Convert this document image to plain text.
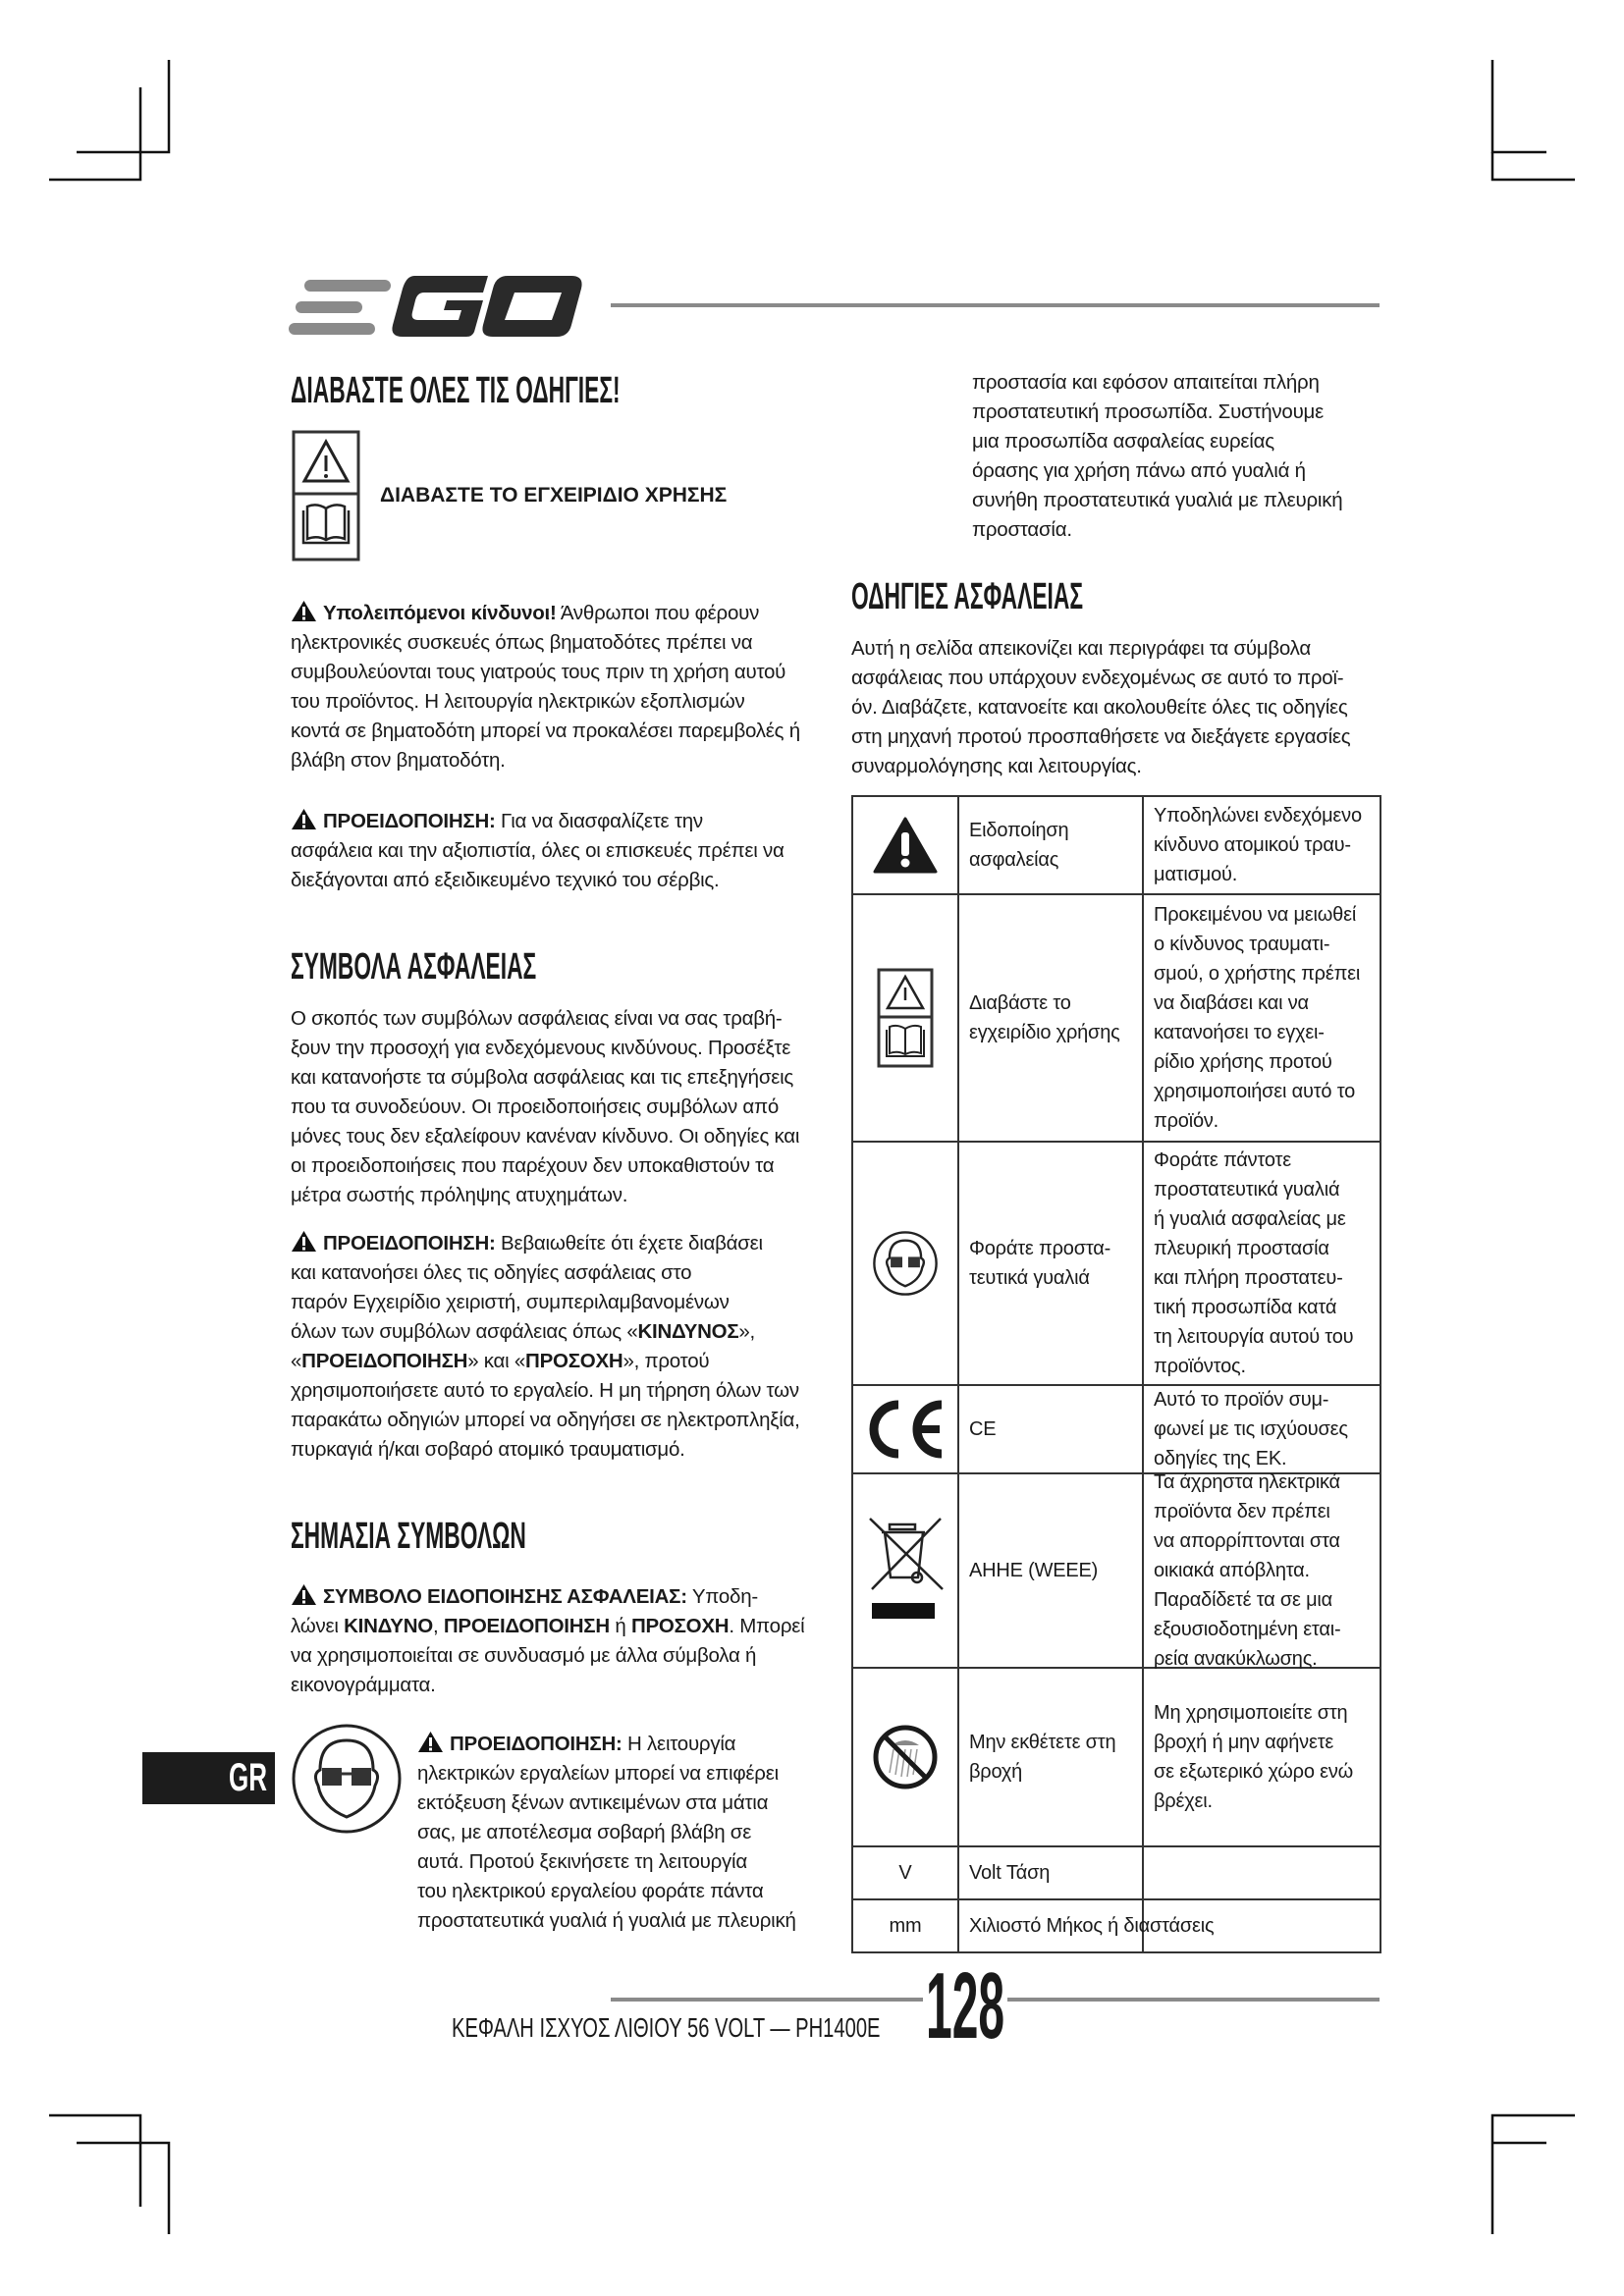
ΔΙΑΒΑΣΤΕ ΟΛΕΣ ΤΙΣ ΟΔΗΓΙΕΣ!
ΔΙΑΒΑΣΤΕ ΤΟ ΕΓΧΕΙΡΙΔΙΟ ΧΡΗΣΗΣ
Υπολειπόμενοι κίνδυνοι! Άνθρωποι που φέρουν
ηλεκτρονικές συσκευές όπως βηματοδότες πρέπει να
συμβουλεύονται τους γιατρούς τους πριν τη χρήση αυτού
του προϊόντος. Η λειτουργία ηλεκτρικών εξοπλισμών
κοντά σε βηματοδότη μπορεί να προκαλέσει παρεμβολές ή
βλάβη στον βηματοδότη.
ΠΡΟΕΙΔΟΠΟΙΗΣΗ: Για να διασφαλίζετε την
ασφάλεια και την αξιοπιστία, όλες οι επισκευές πρέπει να
διεξάγονται από εξειδικευμένο τεχνικό του σέρβις.
ΣΥΜΒΟΛΑ ΑΣΦΑΛΕΙΑΣ
Ο σκοπός των συμβόλων ασφάλειας είναι να σας τραβή-
ξουν την προσοχή για ενδεχόμενους κινδύνους. Προσέξτε
και κατανοήστε τα σύμβολα ασφάλειας και τις επεξηγήσεις
που τα συνοδεύουν. Οι προειδοποιήσεις συμβόλων από
μόνες τους δεν εξαλείφουν κανέναν κίνδυνο. Οι οδηγίες και
οι προειδοποιήσεις που παρέχουν δεν υποκαθιστούν τα
μέτρα σωστής πρόληψης ατυχημάτων.
ΠΡΟΕΙΔΟΠΟΙΗΣΗ: Βεβαιωθείτε ότι έχετε διαβάσει
και κατανοήσει όλες τις οδηγίες ασφάλειας στο
παρόν Εγχειρίδιο χειριστή, συμπεριλαμβανομένων
όλων των συμβόλων ασφάλειας όπως «ΚΙΝΔΥΝΟΣ»,
«ΠΡΟΕΙΔΟΠΟΙΗΣΗ» και «ΠΡΟΣΟΧΗ», προτού
χρησιμοποιήσετε αυτό το εργαλείο. Η μη τήρηση όλων των
παρακάτω οδηγιών μπορεί να οδηγήσει σε ηλεκτροπληξία,
πυρκαγιά ή/και σοβαρό ατομικό τραυματισμό.
ΣΗΜΑΣΙΑ ΣΥΜΒΟΛΩΝ
ΣΥΜΒΟΛΟ ΕΙΔΟΠΟΙΗΣΗΣ ΑΣΦΑΛΕΙΑΣ: Υποδη-
λώνει ΚΙΝΔΥΝΟ, ΠΡΟΕΙΔΟΠΟΙΗΣΗ ή ΠΡΟΣΟΧΗ. Μπορεί
να χρησιμοποιείται σε συνδυασμό με άλλα σύμβολα ή
εικονογράμματα.
ΠΡΟΕΙΔΟΠΟΙΗΣΗ: Η λειτουργία
ηλεκτρικών εργαλείων μπορεί να επιφέρει
εκτόξευση ξένων αντικειμένων στα μάτια
σας, με αποτέλεσμα σοβαρή βλάβη σε
αυτά. Προτού ξεκινήσετε τη λειτουργία
του ηλεκτρικού εργαλείου φοράτε πάντα
προστατευτικά γυαλιά ή γυαλιά με πλευρική
GR
προστασία και εφόσον απαιτείται πλήρη
προστατευτική προσωπίδα. Συστήνουμε
μια προσωπίδα ασφαλείας ευρείας
όρασης για χρήση πάνω από γυαλιά ή
συνήθη προστατευτικά γυαλιά με πλευρική
προστασία.
ΟΔΗΓΙΕΣ ΑΣΦΑΛΕΙΑΣ
Αυτή η σελίδα απεικονίζει και περιγράφει τα σύμβολα
ασφάλειας που υπάρχουν ενδεχομένως σε αυτό το προϊ-
όν. Διαβάζετε, κατανοείτε και ακολουθείτε όλες τις οδηγίες
στη μηχανή προτού προσπαθήσετε να διεξάγετε εργασίες
συναρμολόγησης και λειτουργίας.
Ειδοποίηση
ασφαλείας
Υποδηλώνει ενδεχόμενο
κίνδυνο ατομικού τραυ-
ματισμού.
Διαβάστε το
εγχειρίδιο χρήσης
Προκειμένου να μειωθεί
ο κίνδυνος τραυματι-
σμού, ο χρήστης πρέπει
να διαβάσει και να
κατανοήσει το εγχει-
ρίδιο χρήσης προτού
χρησιμοποιήσει αυτό το
προϊόν.
Φοράτε προστα-
τευτικά γυαλιά
Φοράτε πάντοτε
προστατευτικά γυαλιά
ή γυαλιά ασφαλείας με
πλευρική προστασία
και πλήρη προστατευ-
τική προσωπίδα κατά
τη λειτουργία αυτού του
προϊόντος.
CE
Αυτό το προϊόν συμ-
φωνεί με τις ισχύουσες
οδηγίες της ΕΚ.
ΑΗΗΕ (WEEE)
Τα άχρηστα ηλεκτρικά
προϊόντα δεν πρέπει
να απορρίπτονται στα
οικιακά απόβλητα.
Παραδίδετέ τα σε μια
εξουσιοδοτημένη εται-
ρεία ανακύκλωσης.
Μην εκθέτετε στη
βροχή
Μη χρησιμοποιείτε στη
βροχή ή μην αφήνετε
σε εξωτερικό χώρο ενώ
βρέχει.
V	Volt Τάση
mm	Χιλιοστό Μήκος ή διαστάσεις
ΚΕΦΑΛΗ ΙΣΧΥΟΣ ΛΙΘΙΟΥ 56 VOLT — PH1400E 128
